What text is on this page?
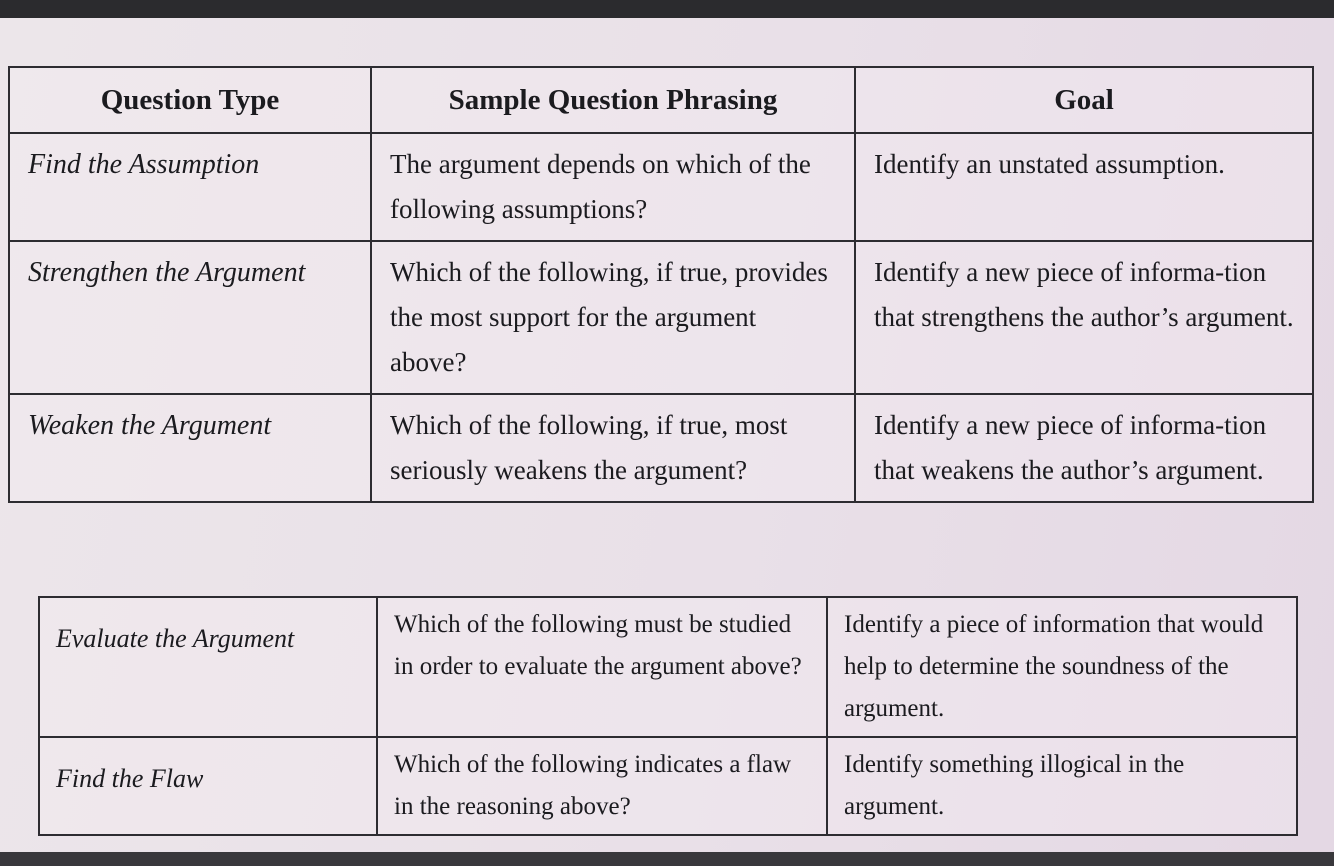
Question Type	Sample Question Phrasing	Goal
Find the Assumption	The argument depends on which of the following assumptions?	Identify an unstated assumption.
Strengthen the Argument	Which of the following, if true, provides the most support for the argument above?	Identify a new piece of informa-tion that strengthens the author’s argument.
Weaken the Argument	Which of the following, if true, most seriously weakens the argument?	Identify a new piece of informa-tion that weakens the author’s argument.
Evaluate the Argument	Which of the following must be studied in order to evaluate the argument above?	Identify a piece of information that would help to determine the soundness of the argument.
Find the Flaw	Which of the following indicates a flaw in the reasoning above?	Identify something illogical in the argument.
